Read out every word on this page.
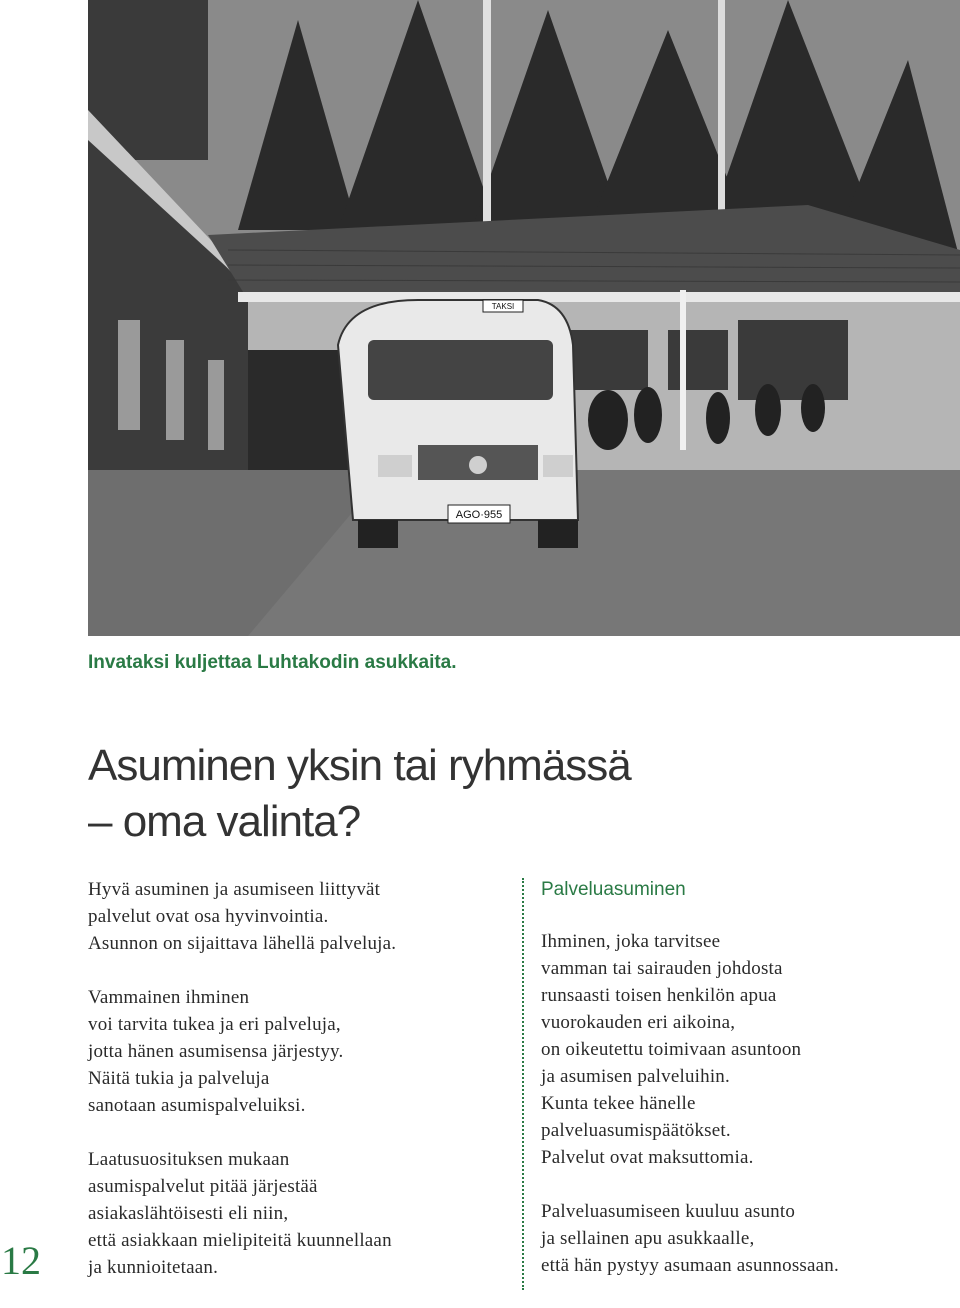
AGO·955
TAKSI

Invataksi kuljettaa Luhtakodin asukkaita.

Asuminen yksin tai ryhmässä
– oma valinta?

Hyvä asuminen ja asumiseen liittyvät
palvelut ovat osa hyvinvointia.
Asunnon on sijaittava lähellä palveluja.

Vammainen ihminen
voi tarvita tukea ja eri palveluja,
jotta hänen asumisensa järjestyy.
Näitä tukia ja palveluja
sanotaan asumispalveluiksi.

Laatusuosituksen mukaan
asumispalvelut pitää järjestää
asiakaslähtöisesti eli niin,
että asiakkaan mielipiteitä kuunnellaan
ja kunnioitetaan.

Palveluasuminen

Ihminen, joka tarvitsee
vamman tai sairauden johdosta
runsaasti toisen henkilön apua
vuorokauden eri aikoina,
on oikeutettu toimivaan asuntoon
ja asumisen palveluihin.
Kunta tekee hänelle
palveluasumispäätökset.
Palvelut ovat maksuttomia.

Palveluasumiseen kuuluu asunto
ja sellainen apu asukkaalle,
että hän pystyy asumaan asunnossaan.

12
